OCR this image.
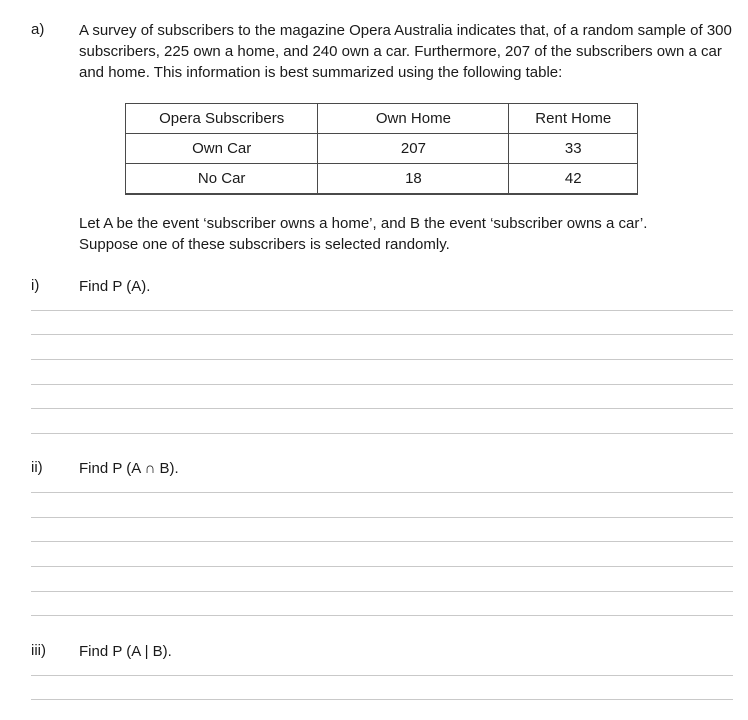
a) A survey of subscribers to the magazine Opera Australia indicates that, of a random sample of 300 subscribers, 225 own a home, and 240 own a car. Furthermore, 207 of the subscribers own a car and home. This information is best summarized using the following table:

Opera Subscribers	Own Home	Rent Home
Own Car	207	33
No Car	18	42
Let A be the event ‘subscriber owns a home’, and B the event ‘subscriber owns a car’.
Suppose one of these subscribers is selected randomly.
i)	Find P (A).
ii) Find P (A ∩ B).
iii) Find P (A | B).
